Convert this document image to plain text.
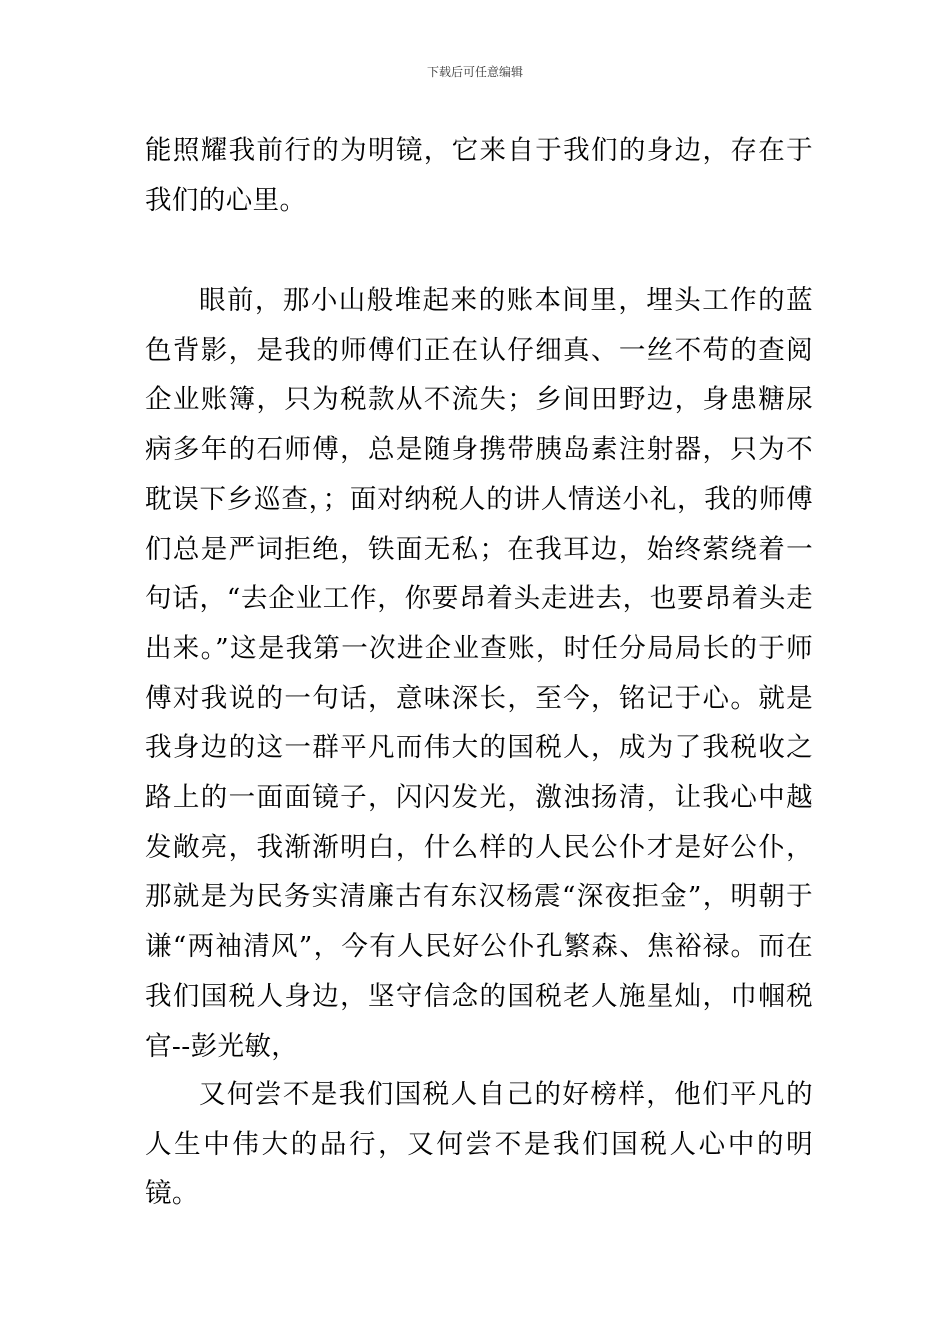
下载后可任意编辑

能照耀我前行的为明镜，它来自于我们的身边，存在于我们的心里。

眼前，那小山般堆起来的账本间里，埋头工作的蓝色背影，是我的师傅们正在认仔细真、一丝不苟的查阅企业账簿，只为税款从不流失；乡间田野边，身患糖尿病多年的石师傅，总是随身携带胰岛素注射器，只为不耽误下乡巡查，；面对纳税人的讲人情送小礼，我的师傅们总是严词拒绝，铁面无私；在我耳边，始终萦绕着一句话，“去企业工作，你要昂着头走进去，也要昂着头走出来。”这是我第一次进企业查账，时任分局局长的于师傅对我说的一句话，意味深长，至今，铭记于心。就是我身边的这一群平凡而伟大的国税人，成为了我税收之路上的一面面镜子，闪闪发光，激浊扬清，让我心中越发敞亮，我渐渐明白，什么样的人民公仆才是好公仆，那就是为民务实清廉古有东汉杨震“深夜拒金”，明朝于谦“两袖清风”，今有人民好公仆孔繁森、焦裕禄。而在我们国税人身边，坚守信念的国税老人施星灿，巾帼税官--彭光敏，

又何尝不是我们国税人自己的好榜样，他们平凡的人生中伟大的品行，又何尝不是我们国税人心中的明镜。
